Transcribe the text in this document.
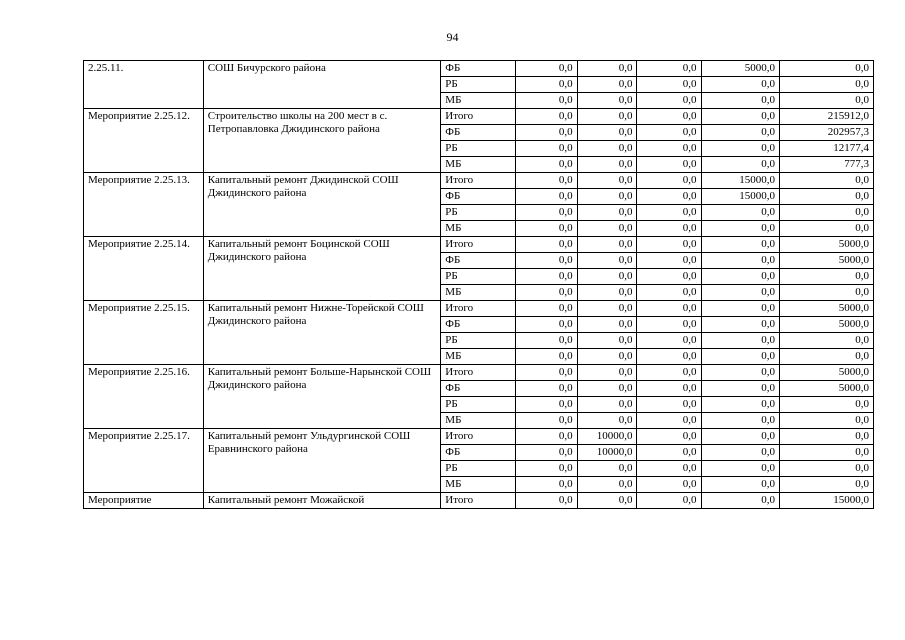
94
2.25.11.	СОШ Бичурского района	ФБ	0,0	0,0	0,0	5000,0	0,0
		РБ	0,0	0,0	0,0	0,0	0,0
		МБ	0,0	0,0	0,0	0,0	0,0
Мероприятие 2.25.12.	Строительство школы на 200 мест в с. Петропавловка Джидинского района	Итого	0,0	0,0	0,0	0,0	215912,0
		ФБ	0,0	0,0	0,0	0,0	202957,3
		РБ	0,0	0,0	0,0	0,0	12177,4
		МБ	0,0	0,0	0,0	0,0	777,3
Мероприятие 2.25.13.	Капитальный ремонт Джидинской СОШ Джидинского района	Итого	0,0	0,0	0,0	15000,0	0,0
		ФБ	0,0	0,0	0,0	15000,0	0,0
		РБ	0,0	0,0	0,0	0,0	0,0
		МБ	0,0	0,0	0,0	0,0	0,0
Мероприятие 2.25.14.	Капитальный ремонт Боцинской СОШ Джидинского района	Итого	0,0	0,0	0,0	0,0	5000,0
		ФБ	0,0	0,0	0,0	0,0	5000,0
		РБ	0,0	0,0	0,0	0,0	0,0
		МБ	0,0	0,0	0,0	0,0	0,0
Мероприятие 2.25.15.	Капитальный ремонт Нижне-Торейской СОШ Джидинского района	Итого	0,0	0,0	0,0	0,0	5000,0
		ФБ	0,0	0,0	0,0	0,0	5000,0
		РБ	0,0	0,0	0,0	0,0	0,0
		МБ	0,0	0,0	0,0	0,0	0,0
Мероприятие 2.25.16.	Капитальный ремонт Больше-Нарынской СОШ Джидинского района	Итого	0,0	0,0	0,0	0,0	5000,0
		ФБ	0,0	0,0	0,0	0,0	5000,0
		РБ	0,0	0,0	0,0	0,0	0,0
		МБ	0,0	0,0	0,0	0,0	0,0
Мероприятие 2.25.17.	Капитальный ремонт Ульдургинской СОШ Еравнинского района	Итого	0,0	10000,0	0,0	0,0	0,0
		ФБ	0,0	10000,0	0,0	0,0	0,0
		РБ	0,0	0,0	0,0	0,0	0,0
		МБ	0,0	0,0	0,0	0,0	0,0
Мероприятие	Капитальный ремонт Можайской	Итого	0,0	0,0	0,0	0,0	15000,0
